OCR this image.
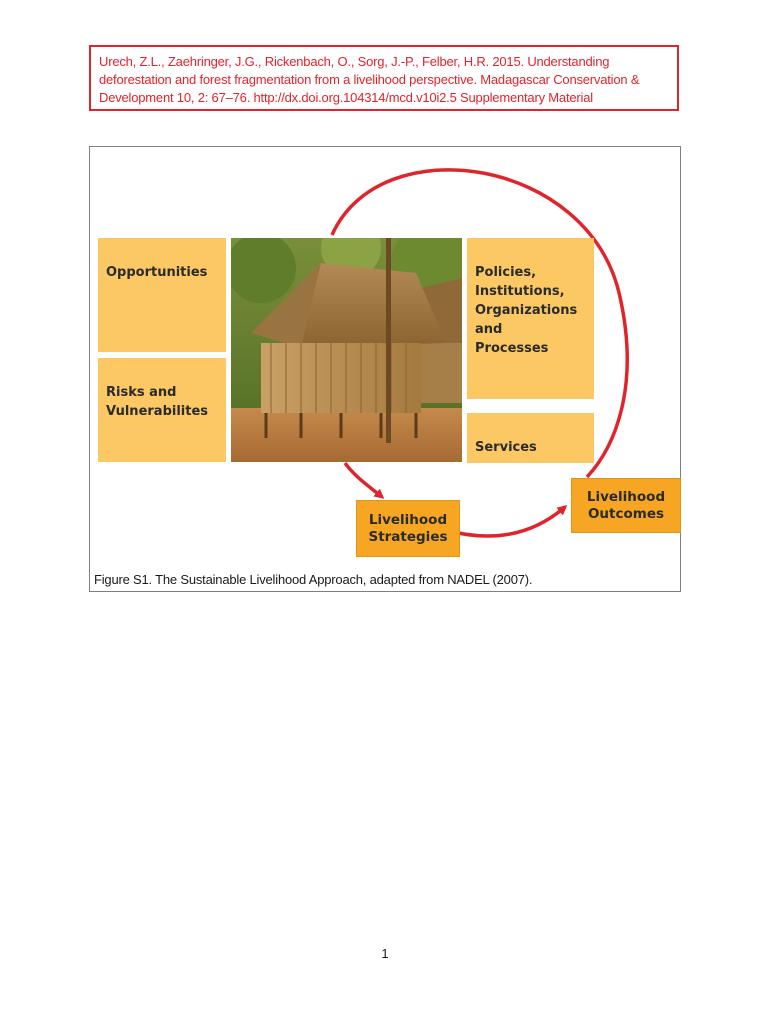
Urech, Z.L., Zaehringer, J.G., Rickenbach, O., Sorg, J.-P., Felber, H.R. 2015. Understanding deforestation and forest fragmentation from a livelihood perspective. Madagascar Conservation & Development 10, 2: 67–76. http://dx.doi.org.104314/mcd.v10i2.5 Supplementary Material

Opportunities

Risks and
Vulnerabilites

Policies,
Institutions,
Organizations
and
Processes

Services

Livelihood
Strategies
Livelihood
Outcomes
Figure S1. The Sustainable Livelihood Approach, adapted from NADEL (2007).
1
